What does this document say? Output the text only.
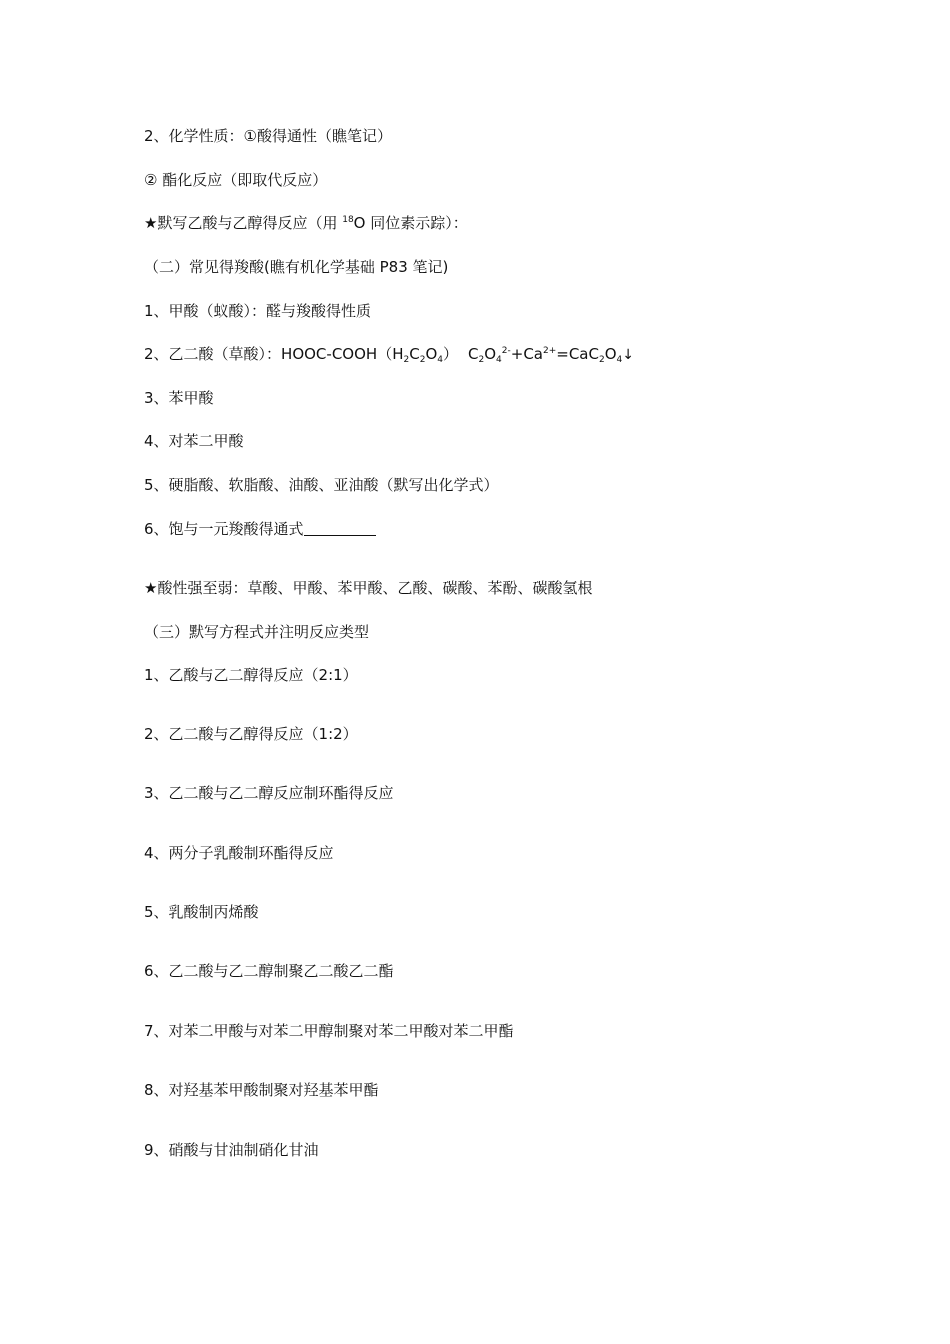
2、化学性质：①酸得通性（瞧笔记）
② 酯化反应（即取代反应）
★默写乙酸与乙醇得反应（用 $^{18}$O 同位素示踪）：
（二）常见得羧酸(瞧有机化学基础 P83 笔记)
1、甲酸（蚁酸）：醛与羧酸得性质
2、乙二酸（草酸）：HOOC-$COOH(H_2C_2O_4)$ $C_2O_4^{2-}+Ca^{2+}=CaC_2O_4↓$
3、苯甲酸
4、对苯二甲酸
5、硬脂酸、软脂酸、油酸、亚油酸（默写出化学式）
6、饱与一元羧酸得通式
★酸性强至弱：草酸、甲酸、苯甲酸、乙酸、碳酸、苯酚、碳酸氢根
（三）默写方程式并注明反应类型
1、乙酸与乙二醇得反应（2:1）
2、乙二酸与乙醇得反应（1:2）
3、乙二酸与乙二醇反应制环酯得反应
4、两分子乳酸制环酯得反应
5、乳酸制丙烯酸
6、乙二酸与乙二醇制聚乙二酸乙二酯
7、对苯二甲酸与对苯二甲醇制聚对苯二甲酸对苯二甲酯
8、对羟基苯甲酸制聚对羟基苯甲酯
9、硝酸与甘油制硝化甘油
